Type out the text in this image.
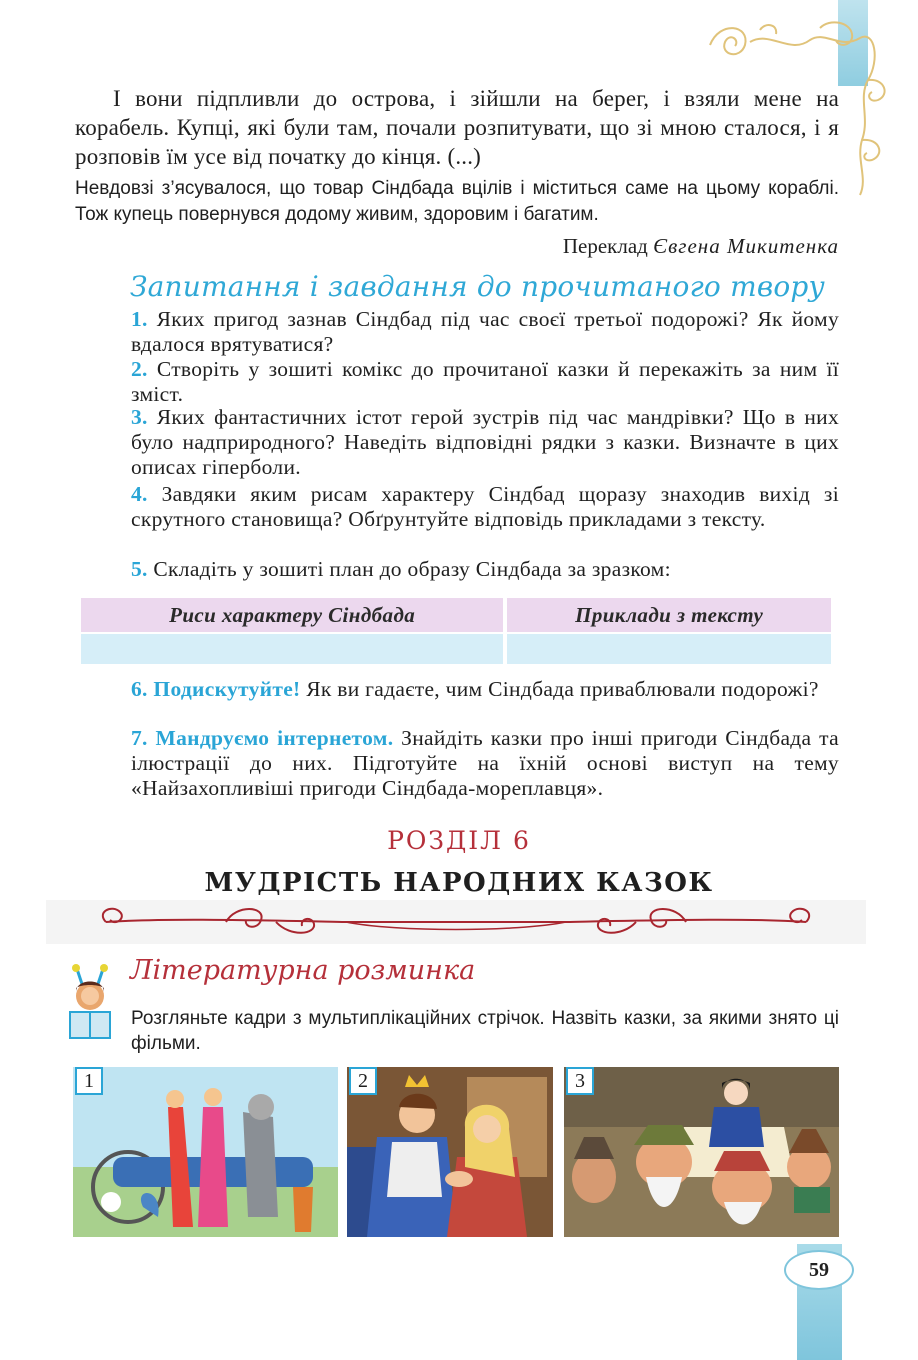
І вони підпливли до острова, і зійшли на берег, і взяли мене на корабель. Купці, які були там, почали розпитувати, що зі мною сталося, і я розповів їм усе від початку до кінця. (...)
Невдовзі з’ясувалося, що товар Сіндбада вцілів і міститься саме на цьому кораблі. Тож купець повернувся додому живим, здоровим і багатим.
Переклад Євгена Микитенка
Запитання і завдання до прочитаного твору
1. Яких пригод зазнав Сіндбад під час своєї третьої подорожі? Як йому вдалося врятуватися?
2. Створіть у зошиті комікс до прочитаної казки й перекажіть за ним її зміст.
3. Яких фантастичних істот герой зустрів під час мандрівки? Що в них було надприродного? Наведіть відповідні рядки з казки. Визначте в цих описах гіперболи.
4. Завдяки яким рисам характеру Сіндбад щоразу знаходив вихід зі скрутного становища? Обґрунтуйте відповідь прикладами з тексту.
5. Складіть у зошиті план до образу Сіндбада за зразком:
Риси характеру Сіндбада	Приклади з тексту

6. Подискутуйте! Як ви гадаєте, чим Сіндбада приваблювали подорожі?
7. Мандруємо інтернетом. Знайдіть казки про інші пригоди Сіндбада та ілюстрації до них. Підготуйте на їхній основі виступ на тему «Найзахопливіші пригоди Сіндбада-мореплавця».
РОЗДІЛ 6
МУДРІСТЬ НАРОДНИХ КАЗОК
Літературна розминка
Розгляньте кадри з мультиплікаційних стрічок. Назвіть казки, за якими знято ці фільми.
1	2	3
59
